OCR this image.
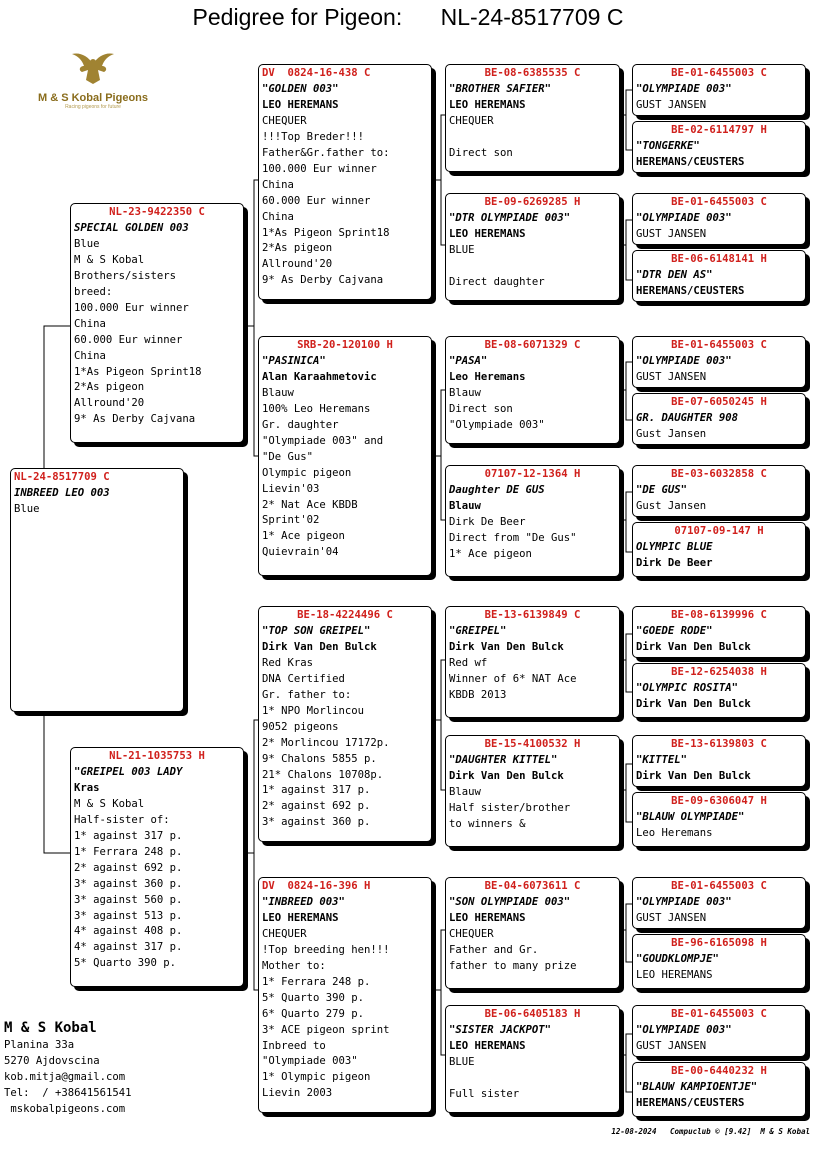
Pedigree for Pigeon:      NL-24-8517709 C
M & S Kobal Pigeons
Racing pigeons for future
NL-24-8517709 C
INBREED LEO 003
Blue
NL-23-9422350 C
SPECIAL GOLDEN 003
Blue
M & S Kobal
Brothers/sisters
breed:
100.000 Eur winner
China
60.000 Eur winner
China
1*As Pigeon Sprint18
2*As pigeon
Allround'20
9* As Derby Cajvana
NL-21-1035753 H
"GREIPEL 003 LADY
Kras
M & S Kobal
Half-sister of:
1* against 317 p.
1* Ferrara 248 p.
2* against 692 p.
3* against 360 p.
3* against 560 p.
3* against 513 p.
4* against 408 p.
4* against 317 p.
5* Quarto 390 p.
DV  0824-16-438 C
"GOLDEN 003"
LEO HEREMANS
CHEQUER
!!!Top Breder!!!
Father&Gr.father to:
100.000 Eur winner
China
60.000 Eur winner
China
1*As Pigeon Sprint18
2*As pigeon
Allround'20
9* As Derby Cajvana
SRB-20-120100 H
"PASINICA"
Alan Karaahmetovic
Blauw
100% Leo Heremans
Gr. daughter
"Olympiade 003" and
"De Gus"
Olympic pigeon
Lievin'03
2* Nat Ace KBDB
Sprint'02
1* Ace pigeon
Quievrain'04
BE-18-4224496 C
"TOP SON GREIPEL"
Dirk Van Den Bulck
Red Kras
DNA Certified
Gr. father to:
1* NPO Morlincou
9052 pigeons
2* Morlincou 17172p.
9* Chalons 5855 p.
21* Chalons 10708p.
1* against 317 p.
2* against 692 p.
3* against 360 p.
DV  0824-16-396 H
"INBREED 003"
LEO HEREMANS
CHEQUER
!Top breeding hen!!!
Mother to:
1* Ferrara 248 p.
5* Quarto 390 p.
6* Quarto 279 p.
3* ACE pigeon sprint
Inbreed to
"Olympiade 003"
1* Olympic pigeon
Lievin 2003
BE-08-6385535 C
"BROTHER SAFIER"
LEO HEREMANS
CHEQUER

Direct son
BE-09-6269285 H
"DTR OLYMPIADE 003"
LEO HEREMANS
BLUE

Direct daughter
BE-08-6071329 C
"PASA"
Leo Heremans
Blauw
Direct son
"Olympiade 003"
07107-12-1364 H
Daughter DE GUS
Blauw
Dirk De Beer
Direct from "De Gus"
1* Ace pigeon
BE-13-6139849 C
"GREIPEL"
Dirk Van Den Bulck
Red wf
Winner of 6* NAT Ace
KBDB 2013
BE-15-4100532 H
"DAUGHTER KITTEL"
Dirk Van Den Bulck
Blauw
Half sister/brother
to winners &
BE-04-6073611 C
"SON OLYMPIADE 003"
LEO HEREMANS
CHEQUER
Father and Gr.
father to many prize
BE-06-6405183 H
"SISTER JACKPOT"
LEO HEREMANS
BLUE

Full sister
BE-01-6455003 C
"OLYMPIADE 003"
GUST JANSEN
BE-02-6114797 H
"TONGERKE"
HEREMANS/CEUSTERS
BE-01-6455003 C
"OLYMPIADE 003"
GUST JANSEN
BE-06-6148141 H
"DTR DEN AS"
HEREMANS/CEUSTERS
BE-01-6455003 C
"OLYMPIADE 003"
GUST JANSEN
BE-07-6050245 H
GR. DAUGHTER 908
Gust Jansen
BE-03-6032858 C
"DE GUS"
Gust Jansen
07107-09-147 H
OLYMPIC BLUE
Dirk De Beer
BE-08-6139996 C
"GOEDE RODE"
Dirk Van Den Bulck
BE-12-6254038 H
"OLYMPIC ROSITA"
Dirk Van Den Bulck
BE-13-6139803 C
"KITTEL"
Dirk Van Den Bulck
BE-09-6306047 H
"BLAUW OLYMPIADE"
Leo Heremans
BE-01-6455003 C
"OLYMPIADE 003"
GUST JANSEN
BE-96-6165098 H
"GOUDKLOMPJE"
LEO HEREMANS
BE-01-6455003 C
"OLYMPIADE 003"
GUST JANSEN
BE-00-6440232 H
"BLAUW KAMPIOENTJE"
HEREMANS/CEUSTERS
M & S Kobal
Planina 33a
5270 Ajdovscina
kob.mitja@gmail.com
Tel:  / +38641561541
mskobalpigeons.com
12-08-2024   Compuclub © [9.42]  M & S Kobal
